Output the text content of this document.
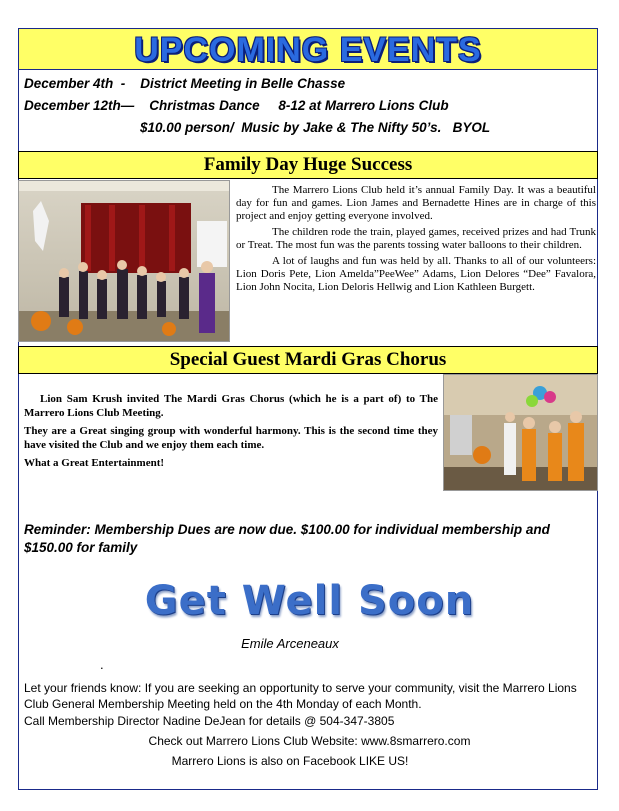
UPCOMING EVENTS
December 4th  -    District Meeting in Belle Chasse
December 12th—    Christmas Dance     8-12 at Marrero Lions Club
$10.00 person/  Music by Jake & The Nifty 50’s.   BYOL
Family Day Huge Success

The Marrero Lions Club held it’s annual Family Day. It was a beautiful day for fun and games. Lion James and Bernadette Hines are in charge of this project and enjoy getting everyone involved.

The children rode the train, played games, received prizes and had Trunk or Treat. The most fun was the parents tossing water balloons to their children.

A lot of laughs and fun was held by all. Thanks to all of our volunteers: Lion Doris Pete, Lion Amelda”PeeWee” Adams, Lion Delores “Dee” Favalora, Lion John Nocita, Lion Deloris Hellwig and Lion Kathleen Burgett.

Special Guest Mardi Gras Chorus

Lion Sam Krush invited The Mardi Gras Chorus (which he is a part of) to The Marrero Lions Club Meeting.

They are a Great singing group with wonderful harmony. This is the second time they have visited the Club and we enjoy them each time.

What a Great Entertainment!

Reminder: Membership Dues are now due. $100.00 for individual membership and $150.00 for family
Get Well Soon
Emile Arceneaux
.
Let your friends know: If you are seeking an opportunity to serve your community, visit the Marrero Lions Club General Membership Meeting held on the 4th Monday of each Month.
Call Membership Director Nadine DeJean for details @ 504-347-3805
Check out Marrero Lions Club Website: www.8smarrero.com
Marrero Lions is also on Facebook LIKE US!
